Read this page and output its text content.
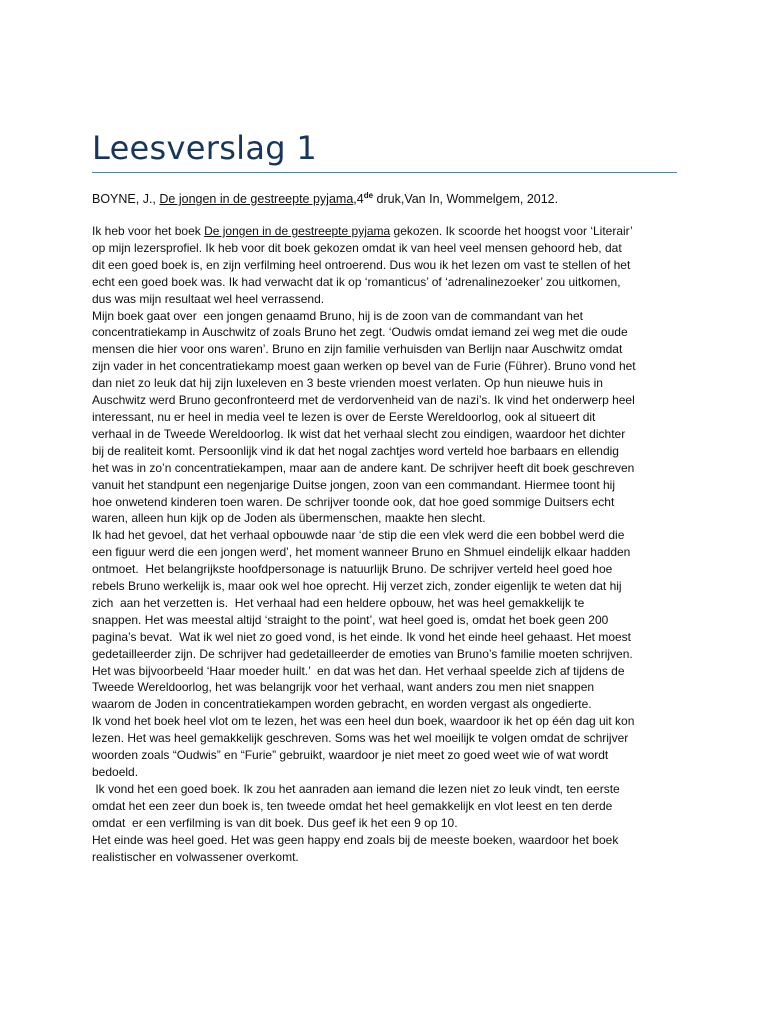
Leesverslag 1

BOYNE, J., De jongen in de gestreepte pyjama,4de druk,Van In, Wommelgem, 2012.

Ik heb voor het boek De jongen in de gestreepte pyjama gekozen. Ik scoorde het hoogst voor ‘Literair’
op mijn lezersprofiel. Ik heb voor dit boek gekozen omdat ik van heel veel mensen gehoord heb, dat
dit een goed boek is, en zijn verfilming heel ontroerend. Dus wou ik het lezen om vast te stellen of het
echt een goed boek was. Ik had verwacht dat ik op ‘romanticus’ of ‘adrenalinezoeker’ zou uitkomen,
dus was mijn resultaat wel heel verrassend.
Mijn boek gaat over  een jongen genaamd Bruno, hij is de zoon van de commandant van het
concentratiekamp in Auschwitz of zoals Bruno het zegt. ‘Oudwis omdat iemand zei weg met die oude
mensen die hier voor ons waren’. Bruno en zijn familie verhuisden van Berlijn naar Auschwitz omdat
zijn vader in het concentratiekamp moest gaan werken op bevel van de Furie (Führer). Bruno vond het
dan niet zo leuk dat hij zijn luxeleven en 3 beste vrienden moest verlaten. Op hun nieuwe huis in
Auschwitz werd Bruno geconfronteerd met de verdorvenheid van de nazi’s. Ik vind het onderwerp heel
interessant, nu er heel in media veel te lezen is over de Eerste Wereldoorlog, ook al situeert dit
verhaal in de Tweede Wereldoorlog. Ik wist dat het verhaal slecht zou eindigen, waardoor het dichter
bij de realiteit komt. Persoonlijk vind ik dat het nogal zachtjes word verteld hoe barbaars en ellendig
het was in zo’n concentratiekampen, maar aan de andere kant. De schrijver heeft dit boek geschreven
vanuit het standpunt een negenjarige Duitse jongen, zoon van een commandant. Hiermee toont hij
hoe onwetend kinderen toen waren. De schrijver toonde ook, dat hoe goed sommige Duitsers echt
waren, alleen hun kijk op de Joden als übermenschen, maakte hen slecht.
Ik had het gevoel, dat het verhaal opbouwde naar ‘de stip die een vlek werd die een bobbel werd die
een figuur werd die een jongen werd’, het moment wanneer Bruno en Shmuel eindelijk elkaar hadden
ontmoet.  Het belangrijkste hoofdpersonage is natuurlijk Bruno. De schrijver verteld heel goed hoe
rebels Bruno werkelijk is, maar ook wel hoe oprecht. Hij verzet zich, zonder eigenlijk te weten dat hij
zich  aan het verzetten is.  Het verhaal had een heldere opbouw, het was heel gemakkelijk te
snappen. Het was meestal altijd ‘straight to the point’, wat heel goed is, omdat het boek geen 200
pagina’s bevat.  Wat ik wel niet zo goed vond, is het einde. Ik vond het einde heel gehaast. Het moest
gedetailleerder zijn. De schrijver had gedetailleerder de emoties van Bruno’s familie moeten schrijven.
Het was bijvoorbeeld ‘Haar moeder huilt.’  en dat was het dan. Het verhaal speelde zich af tijdens de
Tweede Wereldoorlog, het was belangrijk voor het verhaal, want anders zou men niet snappen
waarom de Joden in concentratiekampen worden gebracht, en worden vergast als ongedierte.
Ik vond het boek heel vlot om te lezen, het was een heel dun boek, waardoor ik het op één dag uit kon
lezen. Het was heel gemakkelijk geschreven. Soms was het wel moeilijk te volgen omdat de schrijver
woorden zoals “Oudwis” en “Furie” gebruikt, waardoor je niet meet zo goed weet wie of wat wordt
bedoeld.
Ik vond het een goed boek. Ik zou het aanraden aan iemand die lezen niet zo leuk vindt, ten eerste
omdat het een zeer dun boek is, ten tweede omdat het heel gemakkelijk en vlot leest en ten derde
omdat  er een verfilming is van dit boek. Dus geef ik het een 9 op 10.
Het einde was heel goed. Het was geen happy end zoals bij de meeste boeken, waardoor het boek
realistischer en volwassener overkomt.
